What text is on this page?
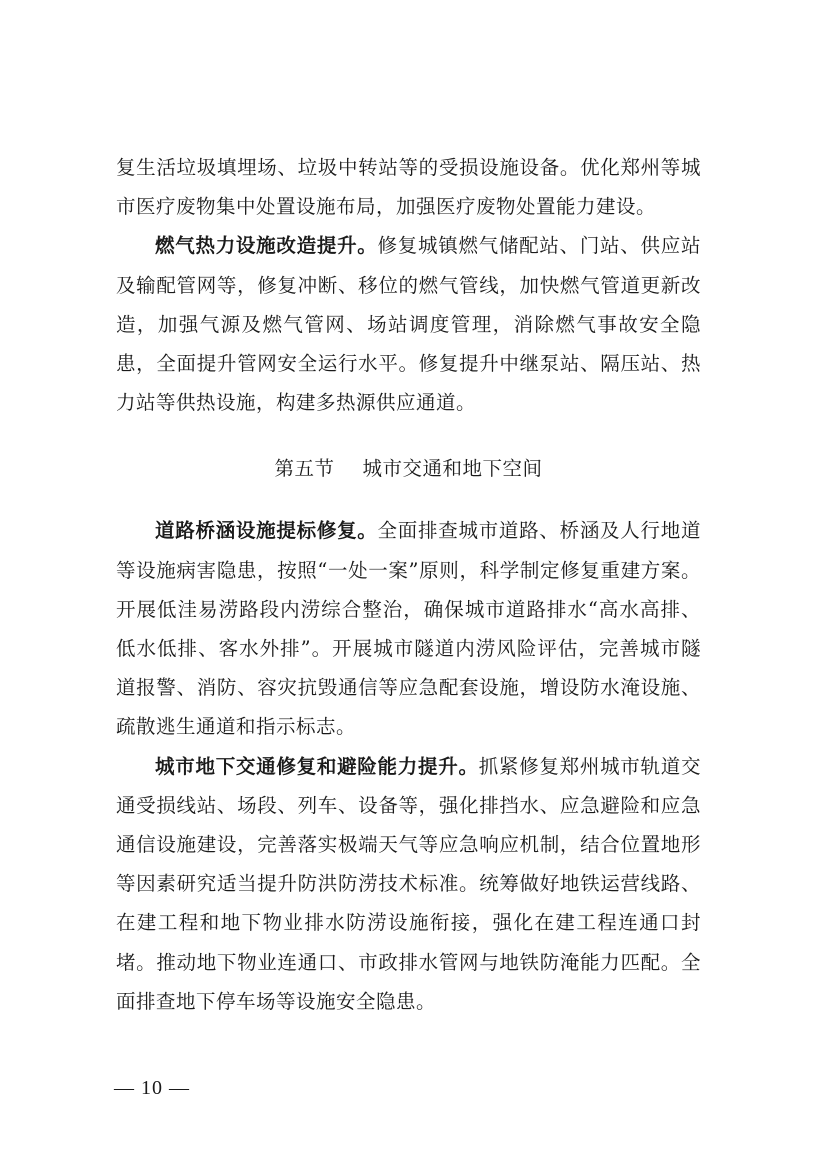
复生活垃圾填埋场、垃圾中转站等的受损设施设备。优化郑州等城市医疗废物集中处置设施布局，加强医疗废物处置能力建设。

燃气热力设施改造提升。修复城镇燃气储配站、门站、供应站及输配管网等，修复冲断、移位的燃气管线，加快燃气管道更新改造，加强气源及燃气管网、场站调度管理，消除燃气事故安全隐患，全面提升管网安全运行水平。修复提升中继泵站、隔压站、热力站等供热设施，构建多热源供应通道。

第五节 城市交通和地下空间

道路桥涵设施提标修复。全面排查城市道路、桥涵及人行地道等设施病害隐患，按照“一处一案”原则，科学制定修复重建方案。开展低洼易涝路段内涝综合整治，确保城市道路排水“高水高排、低水低排、客水外排”。开展城市隧道内涝风险评估，完善城市隧道报警、消防、容灾抗毁通信等应急配套设施，增设防水淹设施、疏散逃生通道和指示标志。

城市地下交通修复和避险能力提升。抓紧修复郑州城市轨道交通受损线站、场段、列车、设备等，强化排挡水、应急避险和应急通信设施建设，完善落实极端天气等应急响应机制，结合位置地形等因素研究适当提升防洪防涝技术标准。统筹做好地铁运营线路、在建工程和地下物业排水防涝设施衔接，强化在建工程连通口封堵。推动地下物业连通口、市政排水管网与地铁防淹能力匹配。全面排查地下停车场等设施安全隐患。

— 10 —
